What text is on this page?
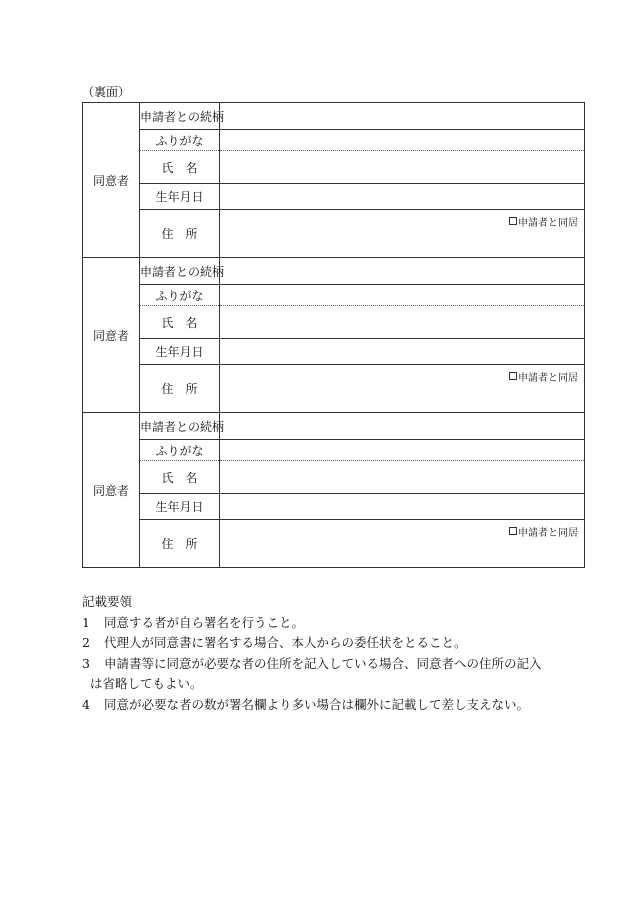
（裏面）
同意者	申請者との続柄	
	ふりがな	
	氏　名	
	生年月日	
	住　所	申請者と同居

同意者	申請者との続柄	
	ふりがな	
	氏　名	
	生年月日	
	住　所	申請者と同居

同意者	申請者との続柄	
	ふりがな	
	氏　名	
	生年月日	
	住　所	申請者と同居
記載要領
1	同意する者が自ら署名を行うこと。
2	代理人が同意書に署名する場合、本人からの委任状をとること。
3	申請書等に同意が必要な者の住所を記入している場合、同意者への住所の記入
は省略してもよい。
4	同意が必要な者の数が署名欄より多い場合は欄外に記載して差し支えない。
